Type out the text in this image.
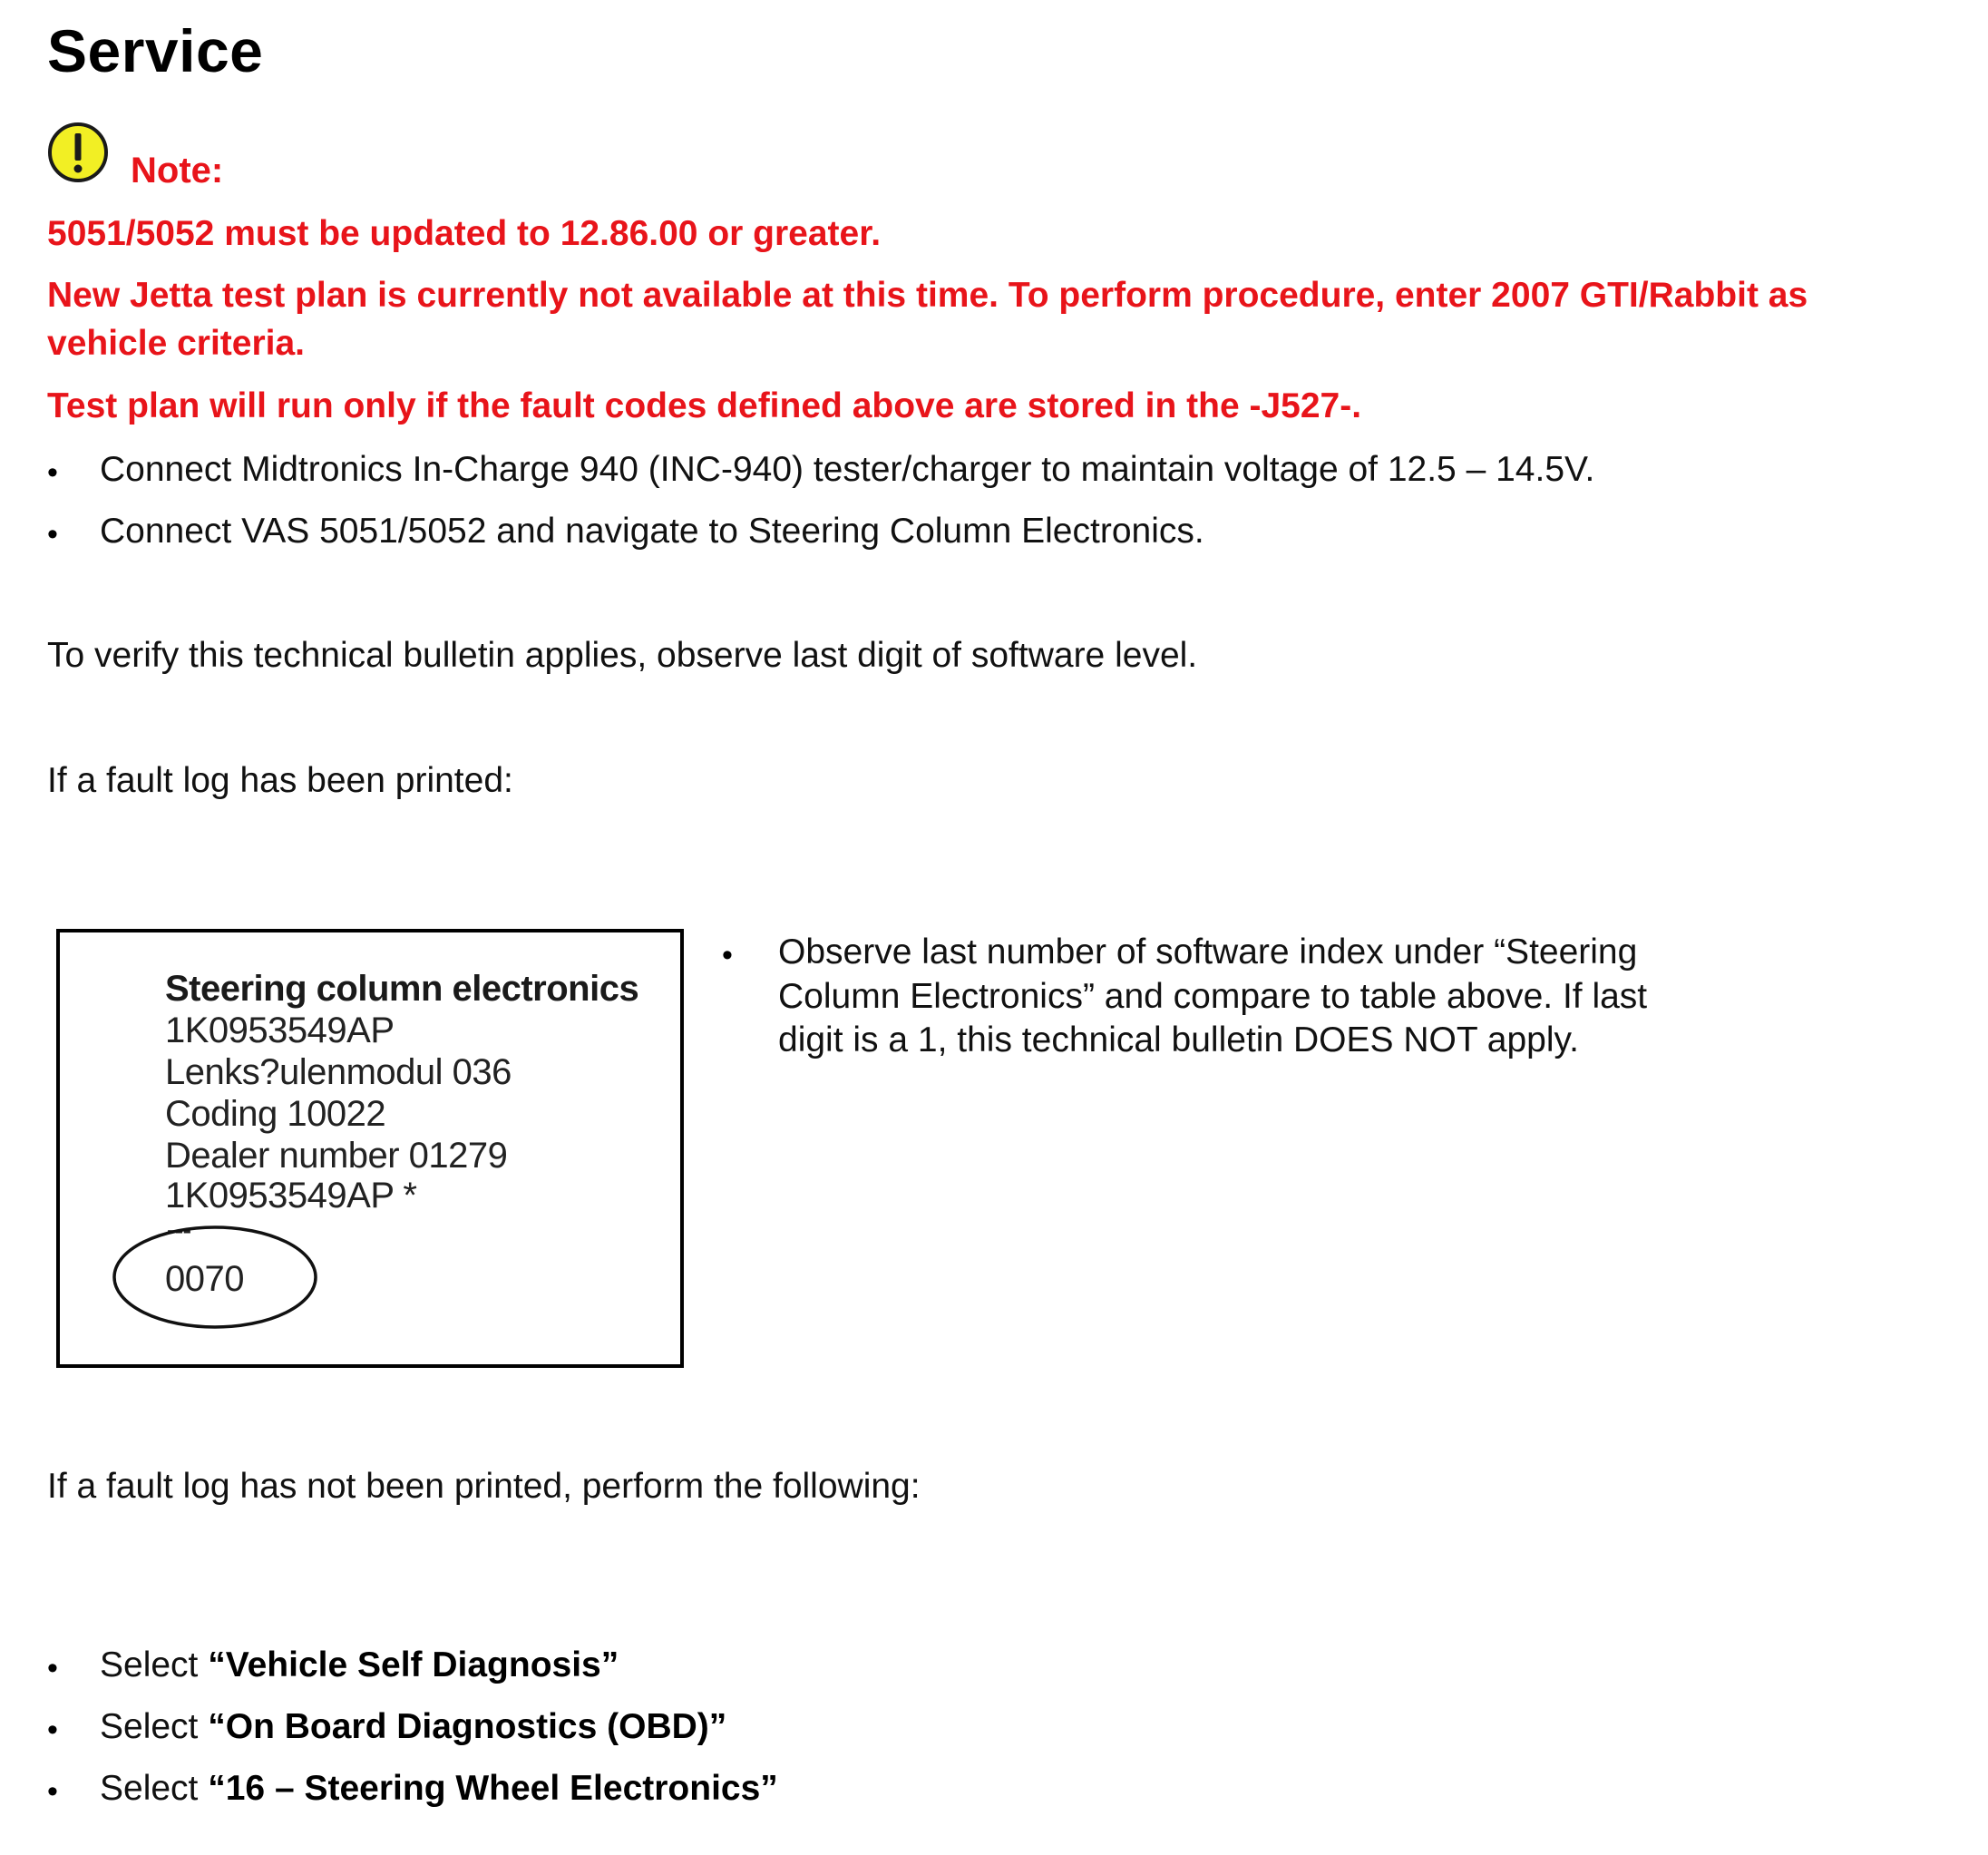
Service
Note:
5051/5052 must be updated to 12.86.00 or greater.
New Jetta test plan is currently not available at this time. To perform procedure, enter 2007 GTI/Rabbit as
vehicle criteria.
Test plan will run only if the fault codes defined above are stored in the -J527-.
• Connect Midtronics In-Charge 940 (INC-940) tester/charger to maintain voltage of 12.5 – 14.5V.
• Connect VAS 5051/5052 and navigate to Steering Column Electronics.
To verify this technical bulletin applies, observe last digit of software level.
If a fault log has been printed:
Steering column electronics
1K0953549AP
Lenks?ulenmodul 036
Coding 10022
Dealer number 01279
1K0953549AP *
---
0070
• Observe last number of software index under “Steering Column Electronics” and compare to table above. If last digit is a 1, this technical bulletin DOES NOT apply.
If a fault log has not been printed, perform the following:
• Select “Vehicle Self Diagnosis”
• Select “On Board Diagnostics (OBD)”
• Select “16 – Steering Wheel Electronics”
